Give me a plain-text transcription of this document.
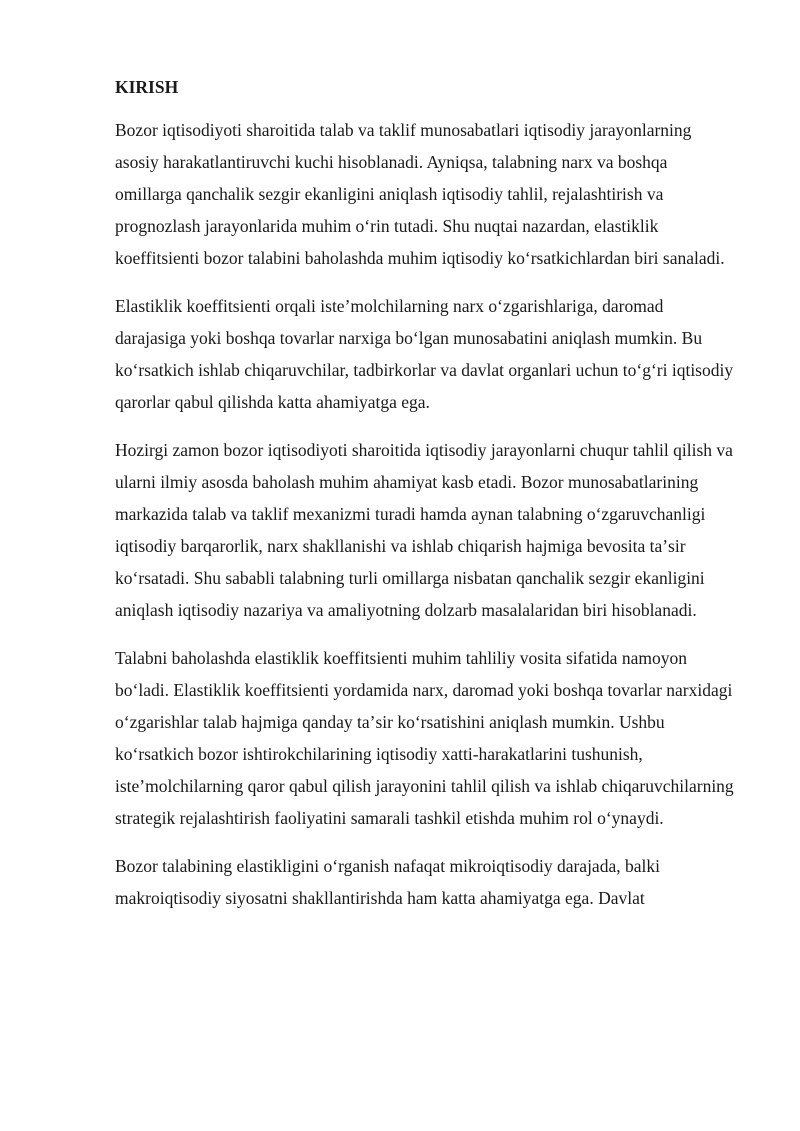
KIRISH

Bozor iqtisodiyoti sharoitida talab va taklif munosabatlari iqtisodiy jarayonlarning asosiy harakatlantiruvchi kuchi hisoblanadi. Ayniqsa, talabning narx va boshqa omillarga qanchalik sezgir ekanligini aniqlash iqtisodiy tahlil, rejalashtirish va prognozlash jarayonlarida muhim oʻrin tutadi. Shu nuqtai nazardan, elastiklik koeffitsienti bozor talabini baholashda muhim iqtisodiy koʻrsatkichlardan biri sanaladi.

Elastiklik koeffitsienti orqali isteʼmolchilarning narx oʻzgarishlariga, daromad darajasiga yoki boshqa tovarlar narxiga boʻlgan munosabatini aniqlash mumkin. Bu koʻrsatkich ishlab chiqaruvchilar, tadbirkorlar va davlat organlari uchun toʻgʻri iqtisodiy qarorlar qabul qilishda katta ahamiyatga ega.

Hozirgi zamon bozor iqtisodiyoti sharoitida iqtisodiy jarayonlarni chuqur tahlil qilish va ularni ilmiy asosda baholash muhim ahamiyat kasb etadi. Bozor munosabatlarining markazida talab va taklif mexanizmi turadi hamda aynan talabning oʻzgaruvchanligi iqtisodiy barqarorlik, narx shakllanishi va ishlab chiqarish hajmiga bevosita taʼsir koʻrsatadi. Shu sababli talabning turli omillarga nisbatan qanchalik sezgir ekanligini aniqlash iqtisodiy nazariya va amaliyotning dolzarb masalalaridan biri hisoblanadi.

Talabni baholashda elastiklik koeffitsienti muhim tahliliy vosita sifatida namoyon boʻladi. Elastiklik koeffitsienti yordamida narx, daromad yoki boshqa tovarlar narxidagi oʻzgarishlar talab hajmiga qanday taʼsir koʻrsatishini aniqlash mumkin. Ushbu koʻrsatkich bozor ishtirokchilarining iqtisodiy xatti-harakatlarini tushunish, isteʼmolchilarning qaror qabul qilish jarayonini tahlil qilish va ishlab chiqaruvchilarning strategik rejalashtirish faoliyatini samarali tashkil etishda muhim rol oʻynaydi.

Bozor talabining elastikligini oʻrganish nafaqat mikroiqtisodiy darajada, balki makroiqtisodiy siyosatni shakllantirishda ham katta ahamiyatga ega. Davlat
